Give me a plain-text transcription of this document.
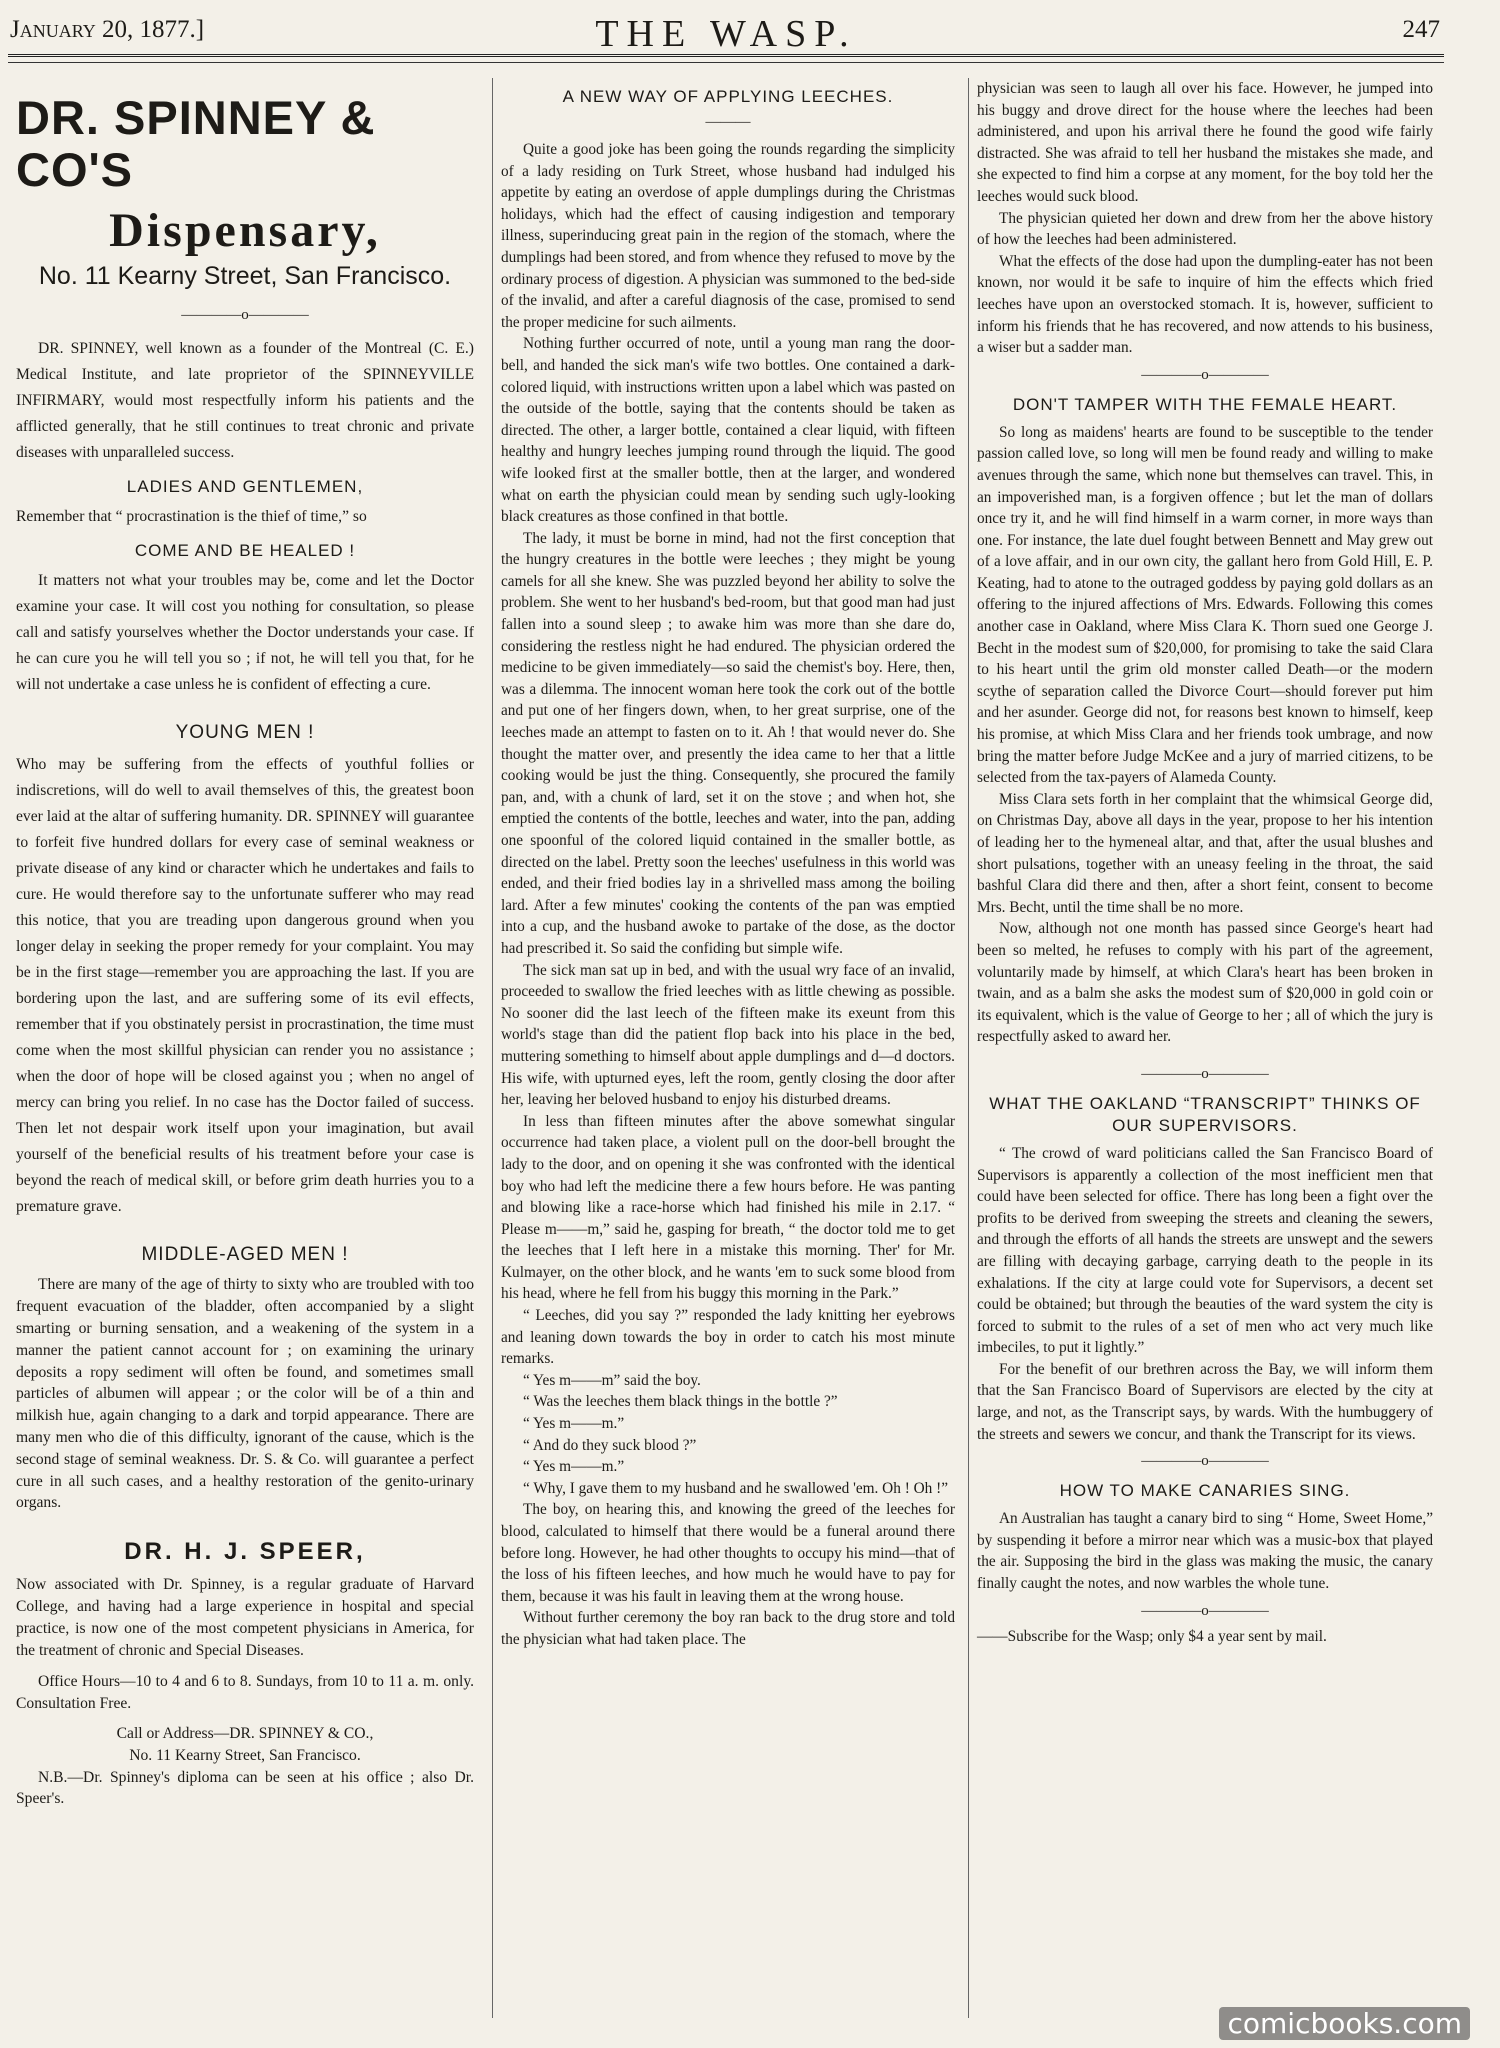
January 20, 1877.]	THE WASP.	247
DR. SPINNEY & CO'S
Dispensary,
No. 11 Kearny Street, San Francisco.
————o————

DR. SPINNEY, well known as a founder of the Montreal (C. E.) Medical Institute, and late proprietor of the SPINNEYVILLE INFIRMARY, would most respectfully inform his patients and the afflicted generally, that he still continues to treat chronic and private diseases with unparalleled success.

LADIES AND GENTLEMEN,

Remember that “ procrastination is the thief of time,” so

COME AND BE HEALED !

It matters not what your troubles may be, come and let the Doctor examine your case. It will cost you nothing for consultation, so please call and satisfy yourselves whether the Doctor understands your case. If he can cure you he will tell you so ; if not, he will tell you that, for he will not undertake a case unless he is confident of effecting a cure.

YOUNG MEN !

Who may be suffering from the effects of youthful follies or indiscretions, will do well to avail themselves of this, the greatest boon ever laid at the altar of suffering humanity. DR. SPINNEY will guarantee to forfeit five hundred dollars for every case of seminal weakness or private disease of any kind or character which he undertakes and fails to cure. He would therefore say to the unfortunate sufferer who may read this notice, that you are treading upon dangerous ground when you longer delay in seeking the proper remedy for your complaint. You may be in the first stage—remember you are approaching the last. If you are bordering upon the last, and are suffering some of its evil effects, remember that if you obstinately persist in procrastination, the time must come when the most skillful physician can render you no assistance ; when the door of hope will be closed against you ; when no angel of mercy can bring you relief. In no case has the Doctor failed of success. Then let not despair work itself upon your imagination, but avail yourself of the beneficial results of his treatment before your case is beyond the reach of medical skill, or before grim death hurries you to a premature grave.

MIDDLE-AGED MEN !

There are many of the age of thirty to sixty who are troubled with too frequent evacuation of the bladder, often accompanied by a slight smarting or burning sensation, and a weakening of the system in a manner the patient cannot account for ; on examining the urinary deposits a ropy sediment will often be found, and sometimes small particles of albumen will appear ; or the color will be of a thin and milkish hue, again changing to a dark and torpid appearance. There are many men who die of this difficulty, ignorant of the cause, which is the second stage of seminal weakness. Dr. S. & Co. will guarantee a perfect cure in all such cases, and a healthy restoration of the genito-urinary organs.

DR. H. J. SPEER,

Now associated with Dr. Spinney, is a regular graduate of Harvard College, and having had a large experience in hospital and special practice, is now one of the most competent physicians in America, for the treatment of chronic and Special Diseases.

Office Hours—10 to 4 and 6 to 8. Sundays, from 10 to 11 a. m. only. Consultation Free.

Call or Address—DR. SPINNEY & CO.,

No. 11 Kearny Street, San Francisco.

N.B.—Dr. Spinney's diploma can be seen at his office ; also Dr. Speer's.

A NEW WAY OF APPLYING LEECHES.
———

Quite a good joke has been going the rounds regarding the simplicity of a lady residing on Turk Street, whose husband had indulged his appetite by eating an overdose of apple dumplings during the Christmas holidays, which had the effect of causing indigestion and temporary illness, superinducing great pain in the region of the stomach, where the dumplings had been stored, and from whence they refused to move by the ordinary process of digestion. A physician was summoned to the bed-side of the invalid, and after a careful diagnosis of the case, promised to send the proper medicine for such ailments.

Nothing further occurred of note, until a young man rang the door-bell, and handed the sick man's wife two bottles. One contained a dark-colored liquid, with instructions written upon a label which was pasted on the outside of the bottle, saying that the contents should be taken as directed. The other, a larger bottle, contained a clear liquid, with fifteen healthy and hungry leeches jumping round through the liquid. The good wife looked first at the smaller bottle, then at the larger, and wondered what on earth the physician could mean by sending such ugly-looking black creatures as those confined in that bottle.

The lady, it must be borne in mind, had not the first conception that the hungry creatures in the bottle were leeches ; they might be young camels for all she knew. She was puzzled beyond her ability to solve the problem. She went to her husband's bed-room, but that good man had just fallen into a sound sleep ; to awake him was more than she dare do, considering the restless night he had endured. The physician ordered the medicine to be given immediately—so said the chemist's boy. Here, then, was a dilemma. The innocent woman here took the cork out of the bottle and put one of her fingers down, when, to her great surprise, one of the leeches made an attempt to fasten on to it. Ah ! that would never do. She thought the matter over, and presently the idea came to her that a little cooking would be just the thing. Consequently, she procured the family pan, and, with a chunk of lard, set it on the stove ; and when hot, she emptied the contents of the bottle, leeches and water, into the pan, adding one spoonful of the colored liquid contained in the smaller bottle, as directed on the label. Pretty soon the leeches' usefulness in this world was ended, and their fried bodies lay in a shrivelled mass among the boiling lard. After a few minutes' cooking the contents of the pan was emptied into a cup, and the husband awoke to partake of the dose, as the doctor had prescribed it. So said the confiding but simple wife.

The sick man sat up in bed, and with the usual wry face of an invalid, proceeded to swallow the fried leeches with as little chewing as possible. No sooner did the last leech of the fifteen make its exeunt from this world's stage than did the patient flop back into his place in the bed, muttering something to himself about apple dumplings and d—d doctors. His wife, with upturned eyes, left the room, gently closing the door after her, leaving her beloved husband to enjoy his disturbed dreams.

In less than fifteen minutes after the above somewhat singular occurrence had taken place, a violent pull on the door-bell brought the lady to the door, and on opening it she was confronted with the identical boy who had left the medicine there a few hours before. He was panting and blowing like a race-horse which had finished his mile in 2.17. “ Please m——m,” said he, gasping for breath, “ the doctor told me to get the leeches that I left here in a mistake this morning. Ther' for Mr. Kulmayer, on the other block, and he wants 'em to suck some blood from his head, where he fell from his buggy this morning in the Park.”

“ Leeches, did you say ?” responded the lady knitting her eyebrows and leaning down towards the boy in order to catch his most minute remarks.

“ Yes m——m” said the boy.

“ Was the leeches them black things in the bottle ?”

“ Yes m——m.”

“ And do they suck blood ?”

“ Yes m——m.”

“ Why, I gave them to my husband and he swallowed 'em. Oh ! Oh !”

The boy, on hearing this, and knowing the greed of the leeches for blood, calculated to himself that there would be a funeral around there before long. However, he had other thoughts to occupy his mind—that of the loss of his fifteen leeches, and how much he would have to pay for them, because it was his fault in leaving them at the wrong house.

Without further ceremony the boy ran back to the drug store and told the physician what had taken place. The

physician was seen to laugh all over his face. However, he jumped into his buggy and drove direct for the house where the leeches had been administered, and upon his arrival there he found the good wife fairly distracted. She was afraid to tell her husband the mistakes she made, and she expected to find him a corpse at any moment, for the boy told her the leeches would suck blood.

The physician quieted her down and drew from her the above history of how the leeches had been administered.

What the effects of the dose had upon the dumpling-eater has not been known, nor would it be safe to inquire of him the effects which fried leeches have upon an overstocked stomach. It is, however, sufficient to inform his friends that he has recovered, and now attends to his business, a wiser but a sadder man.

————o————
DON'T TAMPER WITH THE FEMALE HEART.

So long as maidens' hearts are found to be susceptible to the tender passion called love, so long will men be found ready and willing to make avenues through the same, which none but themselves can travel. This, in an impoverished man, is a forgiven offence ; but let the man of dollars once try it, and he will find himself in a warm corner, in more ways than one. For instance, the late duel fought between Bennett and May grew out of a love affair, and in our own city, the gallant hero from Gold Hill, E. P. Keating, had to atone to the outraged goddess by paying gold dollars as an offering to the injured affections of Mrs. Edwards. Following this comes another case in Oakland, where Miss Clara K. Thorn sued one George J. Becht in the modest sum of $20,000, for promising to take the said Clara to his heart until the grim old monster called Death—or the modern scythe of separation called the Divorce Court—should forever put him and her asunder. George did not, for reasons best known to himself, keep his promise, at which Miss Clara and her friends took umbrage, and now bring the matter before Judge McKee and a jury of married citizens, to be selected from the tax-payers of Alameda County.

Miss Clara sets forth in her complaint that the whimsical George did, on Christmas Day, above all days in the year, propose to her his intention of leading her to the hymeneal altar, and that, after the usual blushes and short pulsations, together with an uneasy feeling in the throat, the said bashful Clara did there and then, after a short feint, consent to become Mrs. Becht, until the time shall be no more.

Now, although not one month has passed since George's heart had been so melted, he refuses to comply with his part of the agreement, voluntarily made by himself, at which Clara's heart has been broken in twain, and as a balm she asks the modest sum of $20,000 in gold coin or its equivalent, which is the value of George to her ; all of which the jury is respectfully asked to award her.

————o————
WHAT THE OAKLAND “TRANSCRIPT” THINKS OF OUR SUPERVISORS.

“ The crowd of ward politicians called the San Francisco Board of Supervisors is apparently a collection of the most inefficient men that could have been selected for office. There has long been a fight over the profits to be derived from sweeping the streets and cleaning the sewers, and through the efforts of all hands the streets are unswept and the sewers are filling with decaying garbage, carrying death to the people in its exhalations. If the city at large could vote for Supervisors, a decent set could be obtained; but through the beauties of the ward system the city is forced to submit to the rules of a set of men who act very much like imbeciles, to put it lightly.”

For the benefit of our brethren across the Bay, we will inform them that the San Francisco Board of Supervisors are elected by the city at large, and not, as the Transcript says, by wards. With the humbuggery of the streets and sewers we concur, and thank the Transcript for its views.

————o————
HOW TO MAKE CANARIES SING.

An Australian has taught a canary bird to sing “ Home, Sweet Home,” by suspending it before a mirror near which was a music-box that played the air. Supposing the bird in the glass was making the music, the canary finally caught the notes, and now warbles the whole tune.

————o————

——Subscribe for the Wasp; only $4 a year sent by mail.

comicbooks.com
